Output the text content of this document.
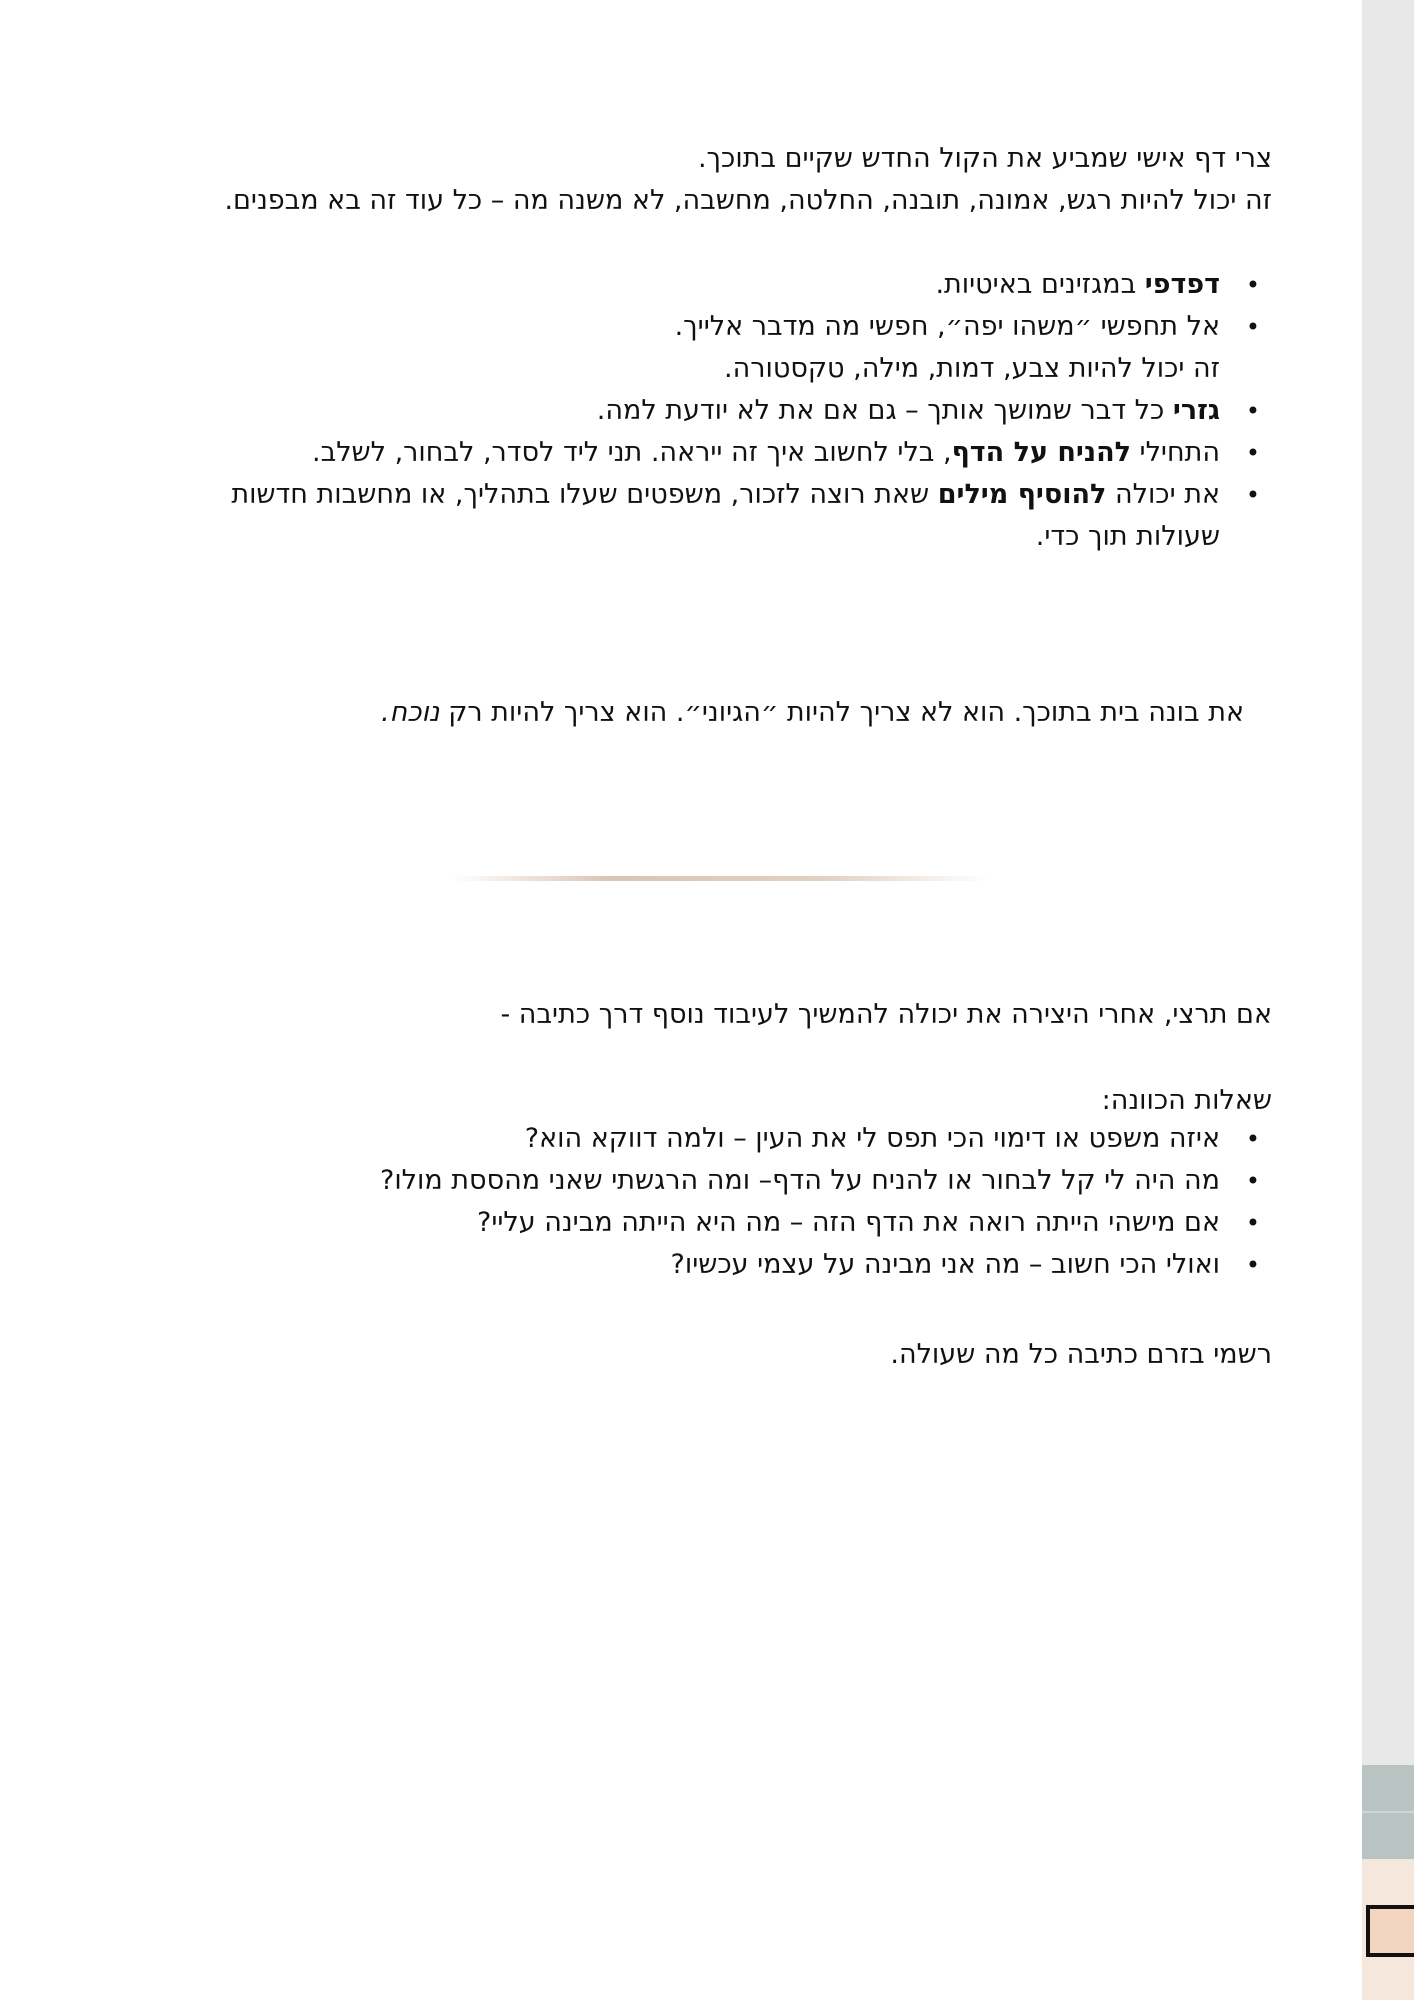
צרי דף אישי שמביע את הקול החדש שקיים בתוכך.

זה יכול להיות רגש, אמונה, תובנה, החלטה, מחשבה, לא משנה מה – כל עוד זה בא מבפנים.

• דפדפי במגזינים באיטיות.
• אל תחפשי ״משהו יפה״, חפשי מה מדבר אלייך.
זה יכול להיות צבע, דמות, מילה, טקסטורה.
• גזרי כל דבר שמושך אותך – גם אם את לא יודעת למה.
• התחילי להניח על הדף, בלי לחשוב איך זה ייראה. תני ליד לסדר, לבחור, לשלב.
• את יכולה להוסיף מילים שאת רוצה לזכור, משפטים שעלו בתהליך, או מחשבות חדשות שעולות תוך כדי.
את בונה בית בתוכך. הוא לא צריך להיות ״הגיוני״. הוא צריך להיות רק נוכח.
אם תרצי, אחרי היצירה את יכולה להמשיך לעיבוד נוסף דרך כתיבה -
שאלות הכוונה:
• איזה משפט או דימוי הכי תפס לי את העין – ולמה דווקא הוא?
• מה היה לי קל לבחור או להניח על הדף– ומה הרגשתי שאני מהססת מולו?
• אם מישהי הייתה רואה את הדף הזה – מה היא הייתה מבינה עליי?
• ואולי הכי חשוב – מה אני מבינה על עצמי עכשיו?
רשמי בזרם כתיבה כל מה שעולה.
